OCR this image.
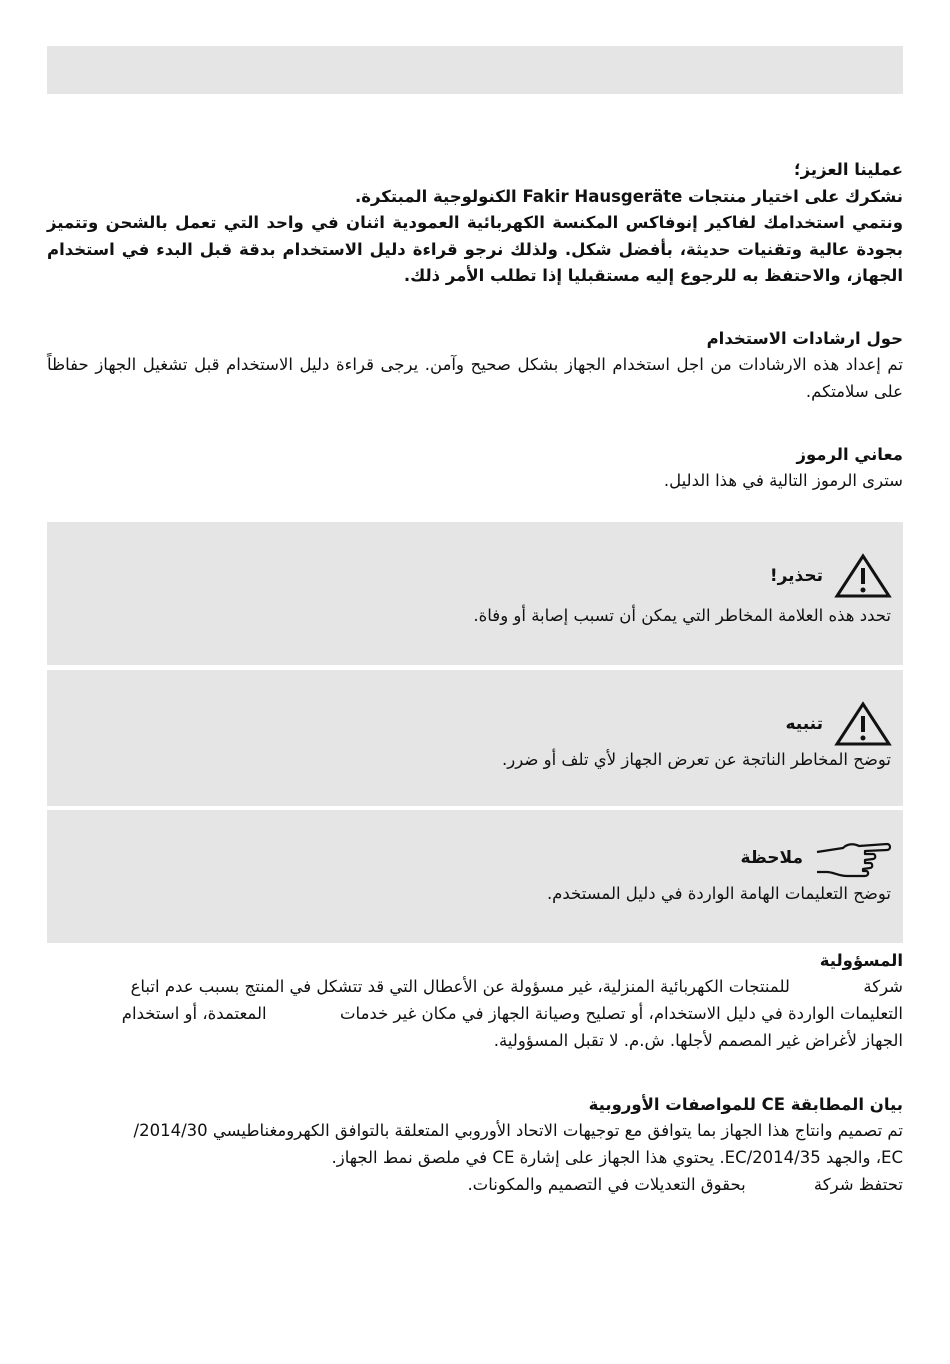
عملينا العزيز؛
نشكرك على اختيار منتجات Fakir Hausgeräte الكنولوجية المبتكرة.
ونتمي استخدامك لفاكير إنوفاكس المكنسة الكهربائية العمودية اثنان في واحد التي تعمل بالشحن وتتميز بجودة عالية وتقنيات حديثة، بأفضل شكل. ولذلك نرجو قراءة دليل الاستخدام بدقة قبل البدء في استخدام الجهاز، والاحتفظ به للرجوع إليه مستقبليا إذا تطلب الأمر ذلك.
حول ارشادات الاستخدام
تم إعداد هذه الارشادات من اجل استخدام الجهاز بشكل صحيح وآمن. يرجى قراءة دليل الاستخدام قبل تشغيل الجهاز حفاظاً على سلامتكم.
معاني الرموز
سترى الرموز التالية في هذا الدليل.
تحذير!
تحدد هذه العلامة المخاطر التي يمكن أن تسبب إصابة أو وفاة.
تنبيه
توضح المخاطر الناتجة عن تعرض الجهاز لأي تلف أو ضرر.
ملاحظة
توضح التعليمات الهامة الواردة في دليل المستخدم.
المسؤولية
شركة              للمنتجات الكهربائية المنزلية، غير مسؤولة عن الأعطال التي قد تتشكل في المنتج بسبب عدم اتباع
التعليمات الواردة في دليل الاستخدام، أو تصليح وصيانة الجهاز في مكان غير خدمات              المعتمدة، أو استخدام
الجهاز لأغراض غير المصمم لأجلها. ش.م. لا تقبل المسؤولية.
بيان المطابقة CE للمواصفات الأوروبية
تم تصميم وانتاج هذا الجهاز بما يتوافق مع توجيهات الاتحاد الأوروبي المتعلقة بالتوافق الكهرومغناطيسي 2014/30/
EC، والجهد EC/2014/35. يحتوي هذا الجهاز على إشارة CE في ملصق نمط الجهاز.
تحتفظ شركة             بحقوق التعديلات في التصميم والمكونات.
